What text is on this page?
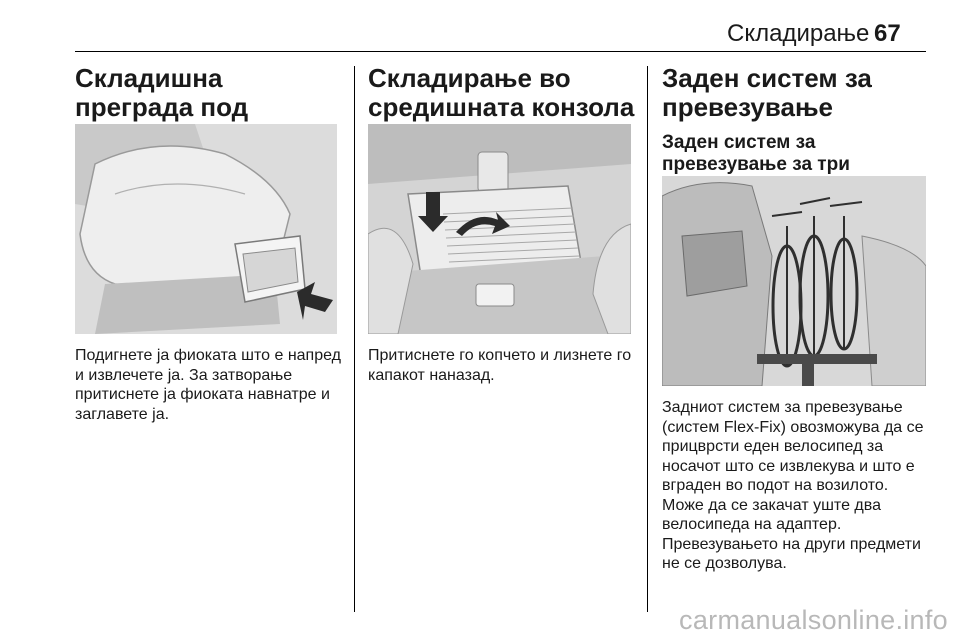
Складирање 67
Складишна преграда под

Подигнете ја фиоката што е напред и извлечете ја. За затворање притиснете ја фиоката навнатре и заглавете ја.

Складирање во средишната конзола

Притиснете го копчето и лизнете го капакот наназад.

Заден систем за превезување
Заден систем за превезување за три

Задниот систем за превезување (систем Flex-Fix) овозможува да се прицврсти еден велосипед за носачот што се извлекува и што е вграден во подот на возилото. Може да се закачат уште два велосипеда на адаптер. Превезувањето на други предмети не се дозволува.

carmanualsonline.info
